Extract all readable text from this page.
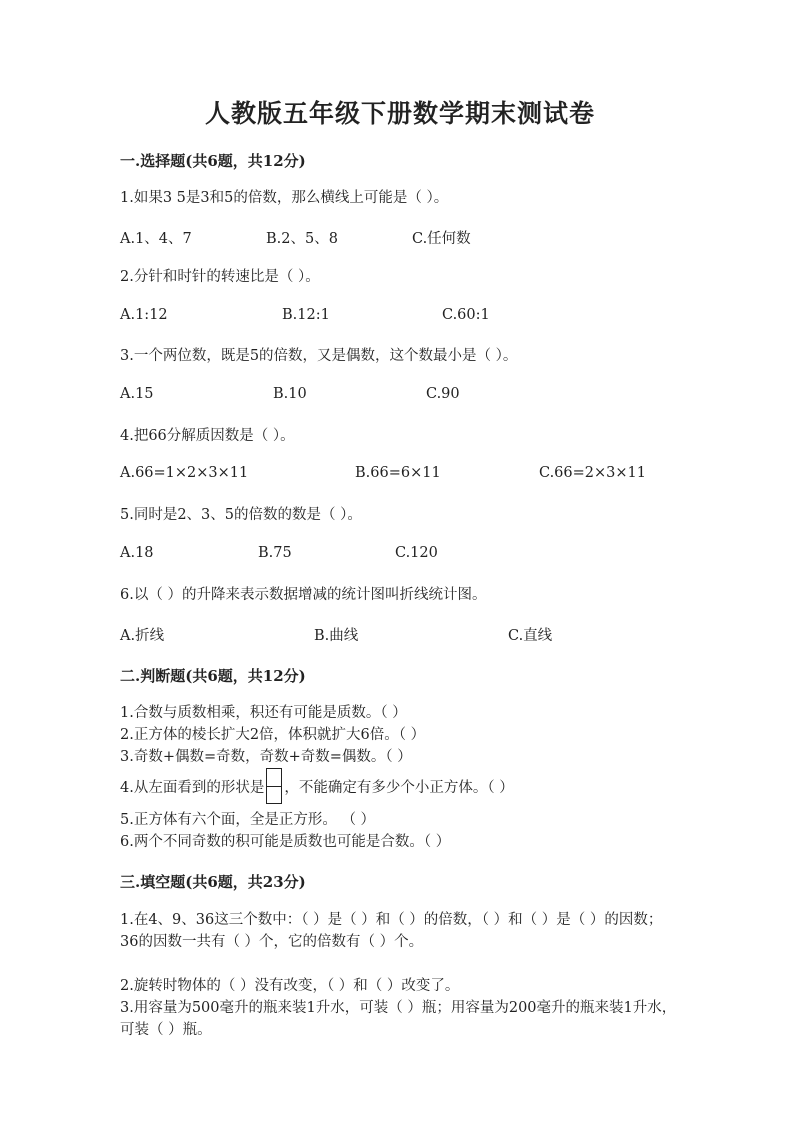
人教版五年级下册数学期末测试卷
一.选择题(共6题，共12分)
1.如果3 5是3和5的倍数，那么横线上可能是（ ）。
A.1、4、7	B.2、5、8	C.任何数
2.分针和时针的转速比是（ ）。
A.1:12	B.12:1	C.60:1
3.一个两位数，既是5的倍数，又是偶数，这个数最小是（ ）。
A.15	B.10	C.90
4.把66分解质因数是（ ）。
A.66=1×2×3×11	B.66=6×11	C.66=2×3×11
5.同时是2、3、5的倍数的数是（ ）。
A.18	B.75	C.120
6.以（ ）的升降来表示数据增减的统计图叫折线统计图。
A.折线	B.曲线	C.直线
二.判断题(共6题，共12分)
1.合数与质数相乘，积还有可能是质数。（ ）
2.正方体的棱长扩大2倍，体积就扩大6倍。（ ）
3.奇数+偶数=奇数，奇数+奇数=偶数。（ ）
4.从左面看到的形状是 ，不能确定有多少个小正方体。（ ）
5.正方体有六个面，全是正方形。 （ ）
6.两个不同奇数的积可能是质数也可能是合数。（ ）
三.填空题(共6题，共23分)
1.在4、9、36这三个数中：（ ）是（ ）和（ ）的倍数，（ ）和（ ）是（ ）的因数；36的因数一共有（ ）个，它的倍数有（ ）个。
2.旋转时物体的（ ）没有改变，（ ）和（ ）改变了。
3.用容量为500毫升的瓶来装1升水，可装（ ）瓶；用容量为200毫升的瓶来装1升水，可装（ ）瓶。
